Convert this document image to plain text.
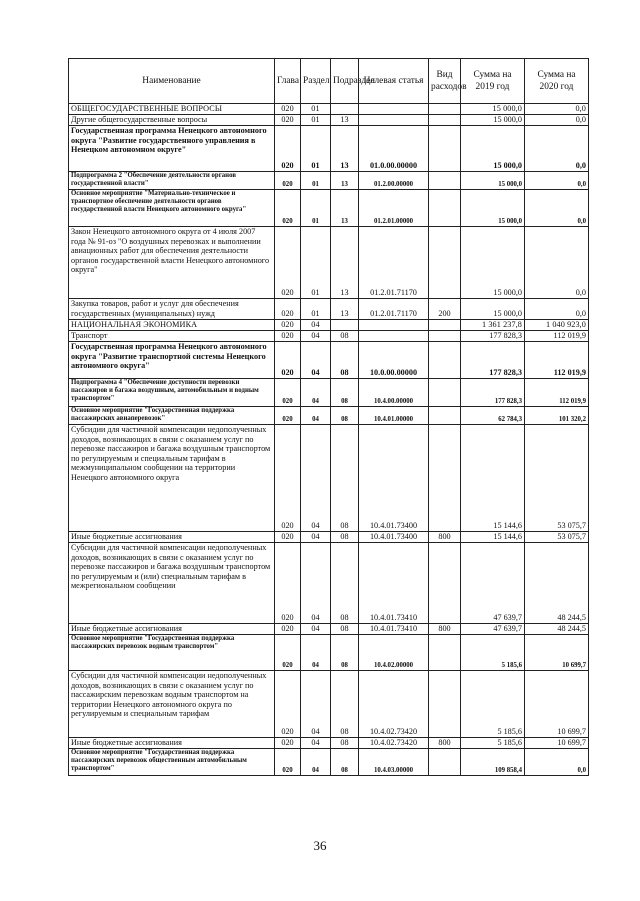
Наименование	Глава	Раздел	Подраздел	Целевая статья	Вид расходов	Сумма на 2019 год	Сумма на 2020 год
ОБЩЕГОСУДАРСТВЕННЫЕ ВОПРОСЫ	020	01				15 000,0	0,0
Другие общегосударственные вопросы	020	01	13			15 000,0	0,0
Государственная программа Ненецкого автономного округа "Развитие государственного управления в Ненецком автономном округе"	020	01	13	01.0.00.00000		15 000,0	0,0
Подпрограмма 2 "Обеспечение деятельности органов государственной власти"	020	01	13	01.2.00.00000		15 000,0	0,0
Основное мероприятие "Материально-техническое и транспортное обеспечение деятельности органов государственной власти Ненецкого автономного округа"	020	01	13	01.2.01.00000		15 000,0	0,0
Закон Ненецкого автономного округа от 4 июля 2007 года № 91-оз "О воздушных перевозках и выполнении авиационных работ для обеспечения деятельности органов государственной власти Ненецкого автономного округа"	020	01	13	01.2.01.71170		15 000,0	0,0
Закупка товаров, работ и услуг для обеспечения государственных (муниципальных) нужд	020	01	13	01.2.01.71170	200	15 000,0	0,0
НАЦИОНАЛЬНАЯ ЭКОНОМИКА	020	04				1 361 237,8	1 040 923,0
Транспорт	020	04	08			177 828,3	112 019,9
Государственная программа Ненецкого автономного округа "Развитие транспортной системы Ненецкого автономного округа"	020	04	08	10.0.00.00000		177 828,3	112 019,9
Подпрограмма 4 "Обеспечение доступности перевозки пассажиров и багажа воздушным, автомобильным и водным транспортом"	020	04	08	10.4.00.00000		177 828,3	112 019,9
Основное мероприятие "Государственная поддержка пассажирских авиаперевозок"	020	04	08	10.4.01.00000		62 784,3	101 320,2
Субсидии для частичной компенсации недополученных доходов, возникающих в связи с оказанием услуг по перевозке пассажиров и багажа воздушным транспортом по регулируемым и специальным тарифам в межмуниципальном сообщении на территории Ненецкого автономного округа	020	04	08	10.4.01.73400		15 144,6	53 075,7
Иные бюджетные ассигнования	020	04	08	10.4.01.73400	800	15 144,6	53 075,7
Субсидии для частичной компенсации недополученных доходов, возникающих в связи с оказанием услуг по перевозке пассажиров и багажа воздушным транспортом по регулируемым и (или) специальным тарифам в межрегиональном сообщении	020	04	08	10.4.01.73410		47 639,7	48 244,5
Иные бюджетные ассигнования	020	04	08	10.4.01.73410	800	47 639,7	48 244,5
Основное мероприятие "Государственная поддержка пассажирских перевозок водным транспортом"	020	04	08	10.4.02.00000		5 185,6	10 699,7
Субсидии для частичной компенсации недополученных доходов, возникающих в связи с оказанием услуг по пассажирским перевозкам водным транспортом на территории Ненецкого автономного округа по регулируемым и специальным тарифам	020	04	08	10.4.02.73420		5 185,6	10 699,7
Иные бюджетные ассигнования	020	04	08	10.4.02.73420	800	5 185,6	10 699,7
Основное мероприятие "Государственная поддержка пассажирских перевозок общественным автомобильным транспортом"	020	04	08	10.4.03.00000		109 858,4	0,0
36
